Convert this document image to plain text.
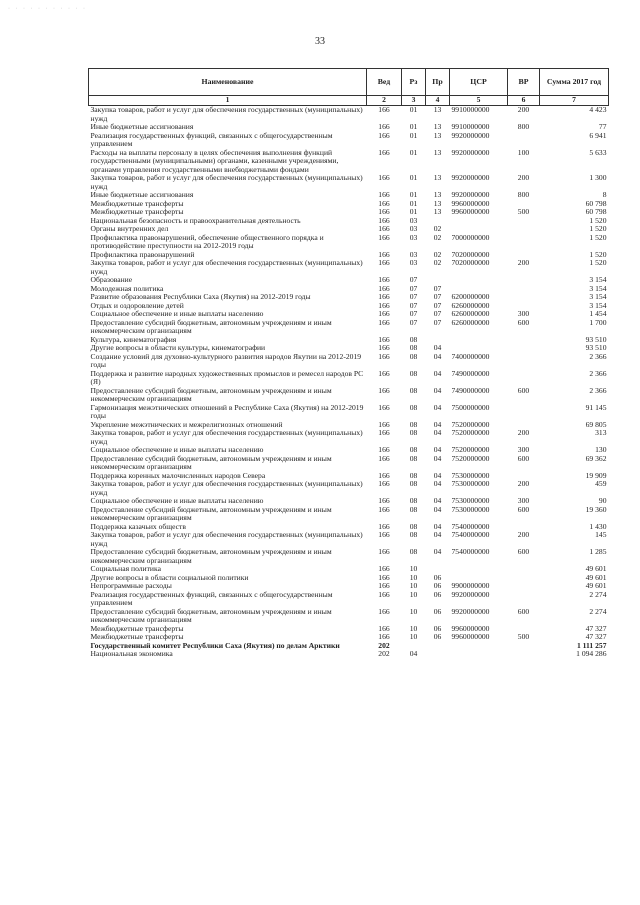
· · · · · · · · · · ·
33
Наименование	Вед	Рз	Пр	ЦСР	ВР	Сумма 2017 год
1	2	3	4	5	6	7
Закупка товаров, работ и услуг для обеспечения государственных (муниципальных) нужд	166	01	13	9910000000	200	4 423
Иные бюджетные ассигнования	166	01	13	9910000000	800	77
Реализация государственных функций, связанных с общегосударственным управлением	166	01	13	9920000000		6 941
Расходы на выплаты персоналу в целях обеспечения выполнения функций государственными (муниципальными) органами, казенными учреждениями, органами управления государственными внебюджетными фондами	166	01	13	9920000000	100	5 633
Закупка товаров, работ и услуг для обеспечения государственных (муниципальных) нужд	166	01	13	9920000000	200	1 300
Иные бюджетные ассигнования	166	01	13	9920000000	800	8
Межбюджетные трансферты	166	01	13	9960000000		60 798
Межбюджетные трансферты	166	01	13	9960000000	500	60 798
Национальная безопасность и правоохранительная деятельность	166	03				1 520
Органы внутренних дел	166	03	02			1 520
Профилактика правонарушений, обеспечение общественного порядка и противодействие преступности на 2012-2019 годы	166	03	02	7000000000		1 520
Профилактика правонарушений	166	03	02	7020000000		1 520
Закупка товаров, работ и услуг для обеспечения государственных (муниципальных) нужд	166	03	02	7020000000	200	1 520
Образование	166	07				3 154
Молодежная политика	166	07	07			3 154
Развитие образования Республики Саха (Якутия) на 2012-2019 годы	166	07	07	6200000000		3 154
Отдых и оздоровление детей	166	07	07	6260000000		3 154
Социальное обеспечение и иные выплаты населению	166	07	07	6260000000	300	1 454
Предоставление субсидий бюджетным, автономным учреждениям и иным некоммерческим организациям	166	07	07	6260000000	600	1 700
Культура, кинематография	166	08				93 510
Другие вопросы в области культуры, кинематографии	166	08	04			93 510
Создание условий для духовно-культурного развития народов Якутии на 2012-2019 годы	166	08	04	7400000000		2 366
Поддержка и развитие народных художественных промыслов и ремесел народов РС (Я)	166	08	04	7490000000		2 366
Предоставление субсидий бюджетным, автономным учреждениям и иным некоммерческим организациям	166	08	04	7490000000	600	2 366
Гармонизация межэтнических отношений в Республике Саха (Якутия) на 2012-2019 годы	166	08	04	7500000000		91 145
Укрепление межэтнических и межрелигиозных отношений	166	08	04	7520000000		69 805
Закупка товаров, работ и услуг для обеспечения государственных (муниципальных) нужд	166	08	04	7520000000	200	313
Социальное обеспечение и иные выплаты населению	166	08	04	7520000000	300	130
Предоставление субсидий бюджетным, автономным учреждениям и иным некоммерческим организациям	166	08	04	7520000000	600	69 362
Поддержка коренных малочисленных народов Севера	166	08	04	7530000000		19 909
Закупка товаров, работ и услуг для обеспечения государственных (муниципальных) нужд	166	08	04	7530000000	200	459
Социальное обеспечение и иные выплаты населению	166	08	04	7530000000	300	90
Предоставление субсидий бюджетным, автономным учреждениям и иным некоммерческим организациям	166	08	04	7530000000	600	19 360
Поддержка казачьих обществ	166	08	04	7540000000		1 430
Закупка товаров, работ и услуг для обеспечения государственных (муниципальных) нужд	166	08	04	7540000000	200	145
Предоставление субсидий бюджетным, автономным учреждениям и иным некоммерческим организациям	166	08	04	7540000000	600	1 285
Социальная политика	166	10				49 601
Другие вопросы в области социальной политики	166	10	06			49 601
Непрограммные расходы	166	10	06	9900000000		49 601
Реализация государственных функций, связанных с общегосударственным управлением	166	10	06	9920000000		2 274
Предоставление субсидий бюджетным, автономным учреждениям и иным некоммерческим организациям	166	10	06	9920000000	600	2 274
Межбюджетные трансферты	166	10	06	9960000000		47 327
Межбюджетные трансферты	166	10	06	9960000000	500	47 327
Государственный комитет Республики Саха (Якутия) по делам Арктики	202					1 111 257
Национальная экономика	202	04				1 094 286
